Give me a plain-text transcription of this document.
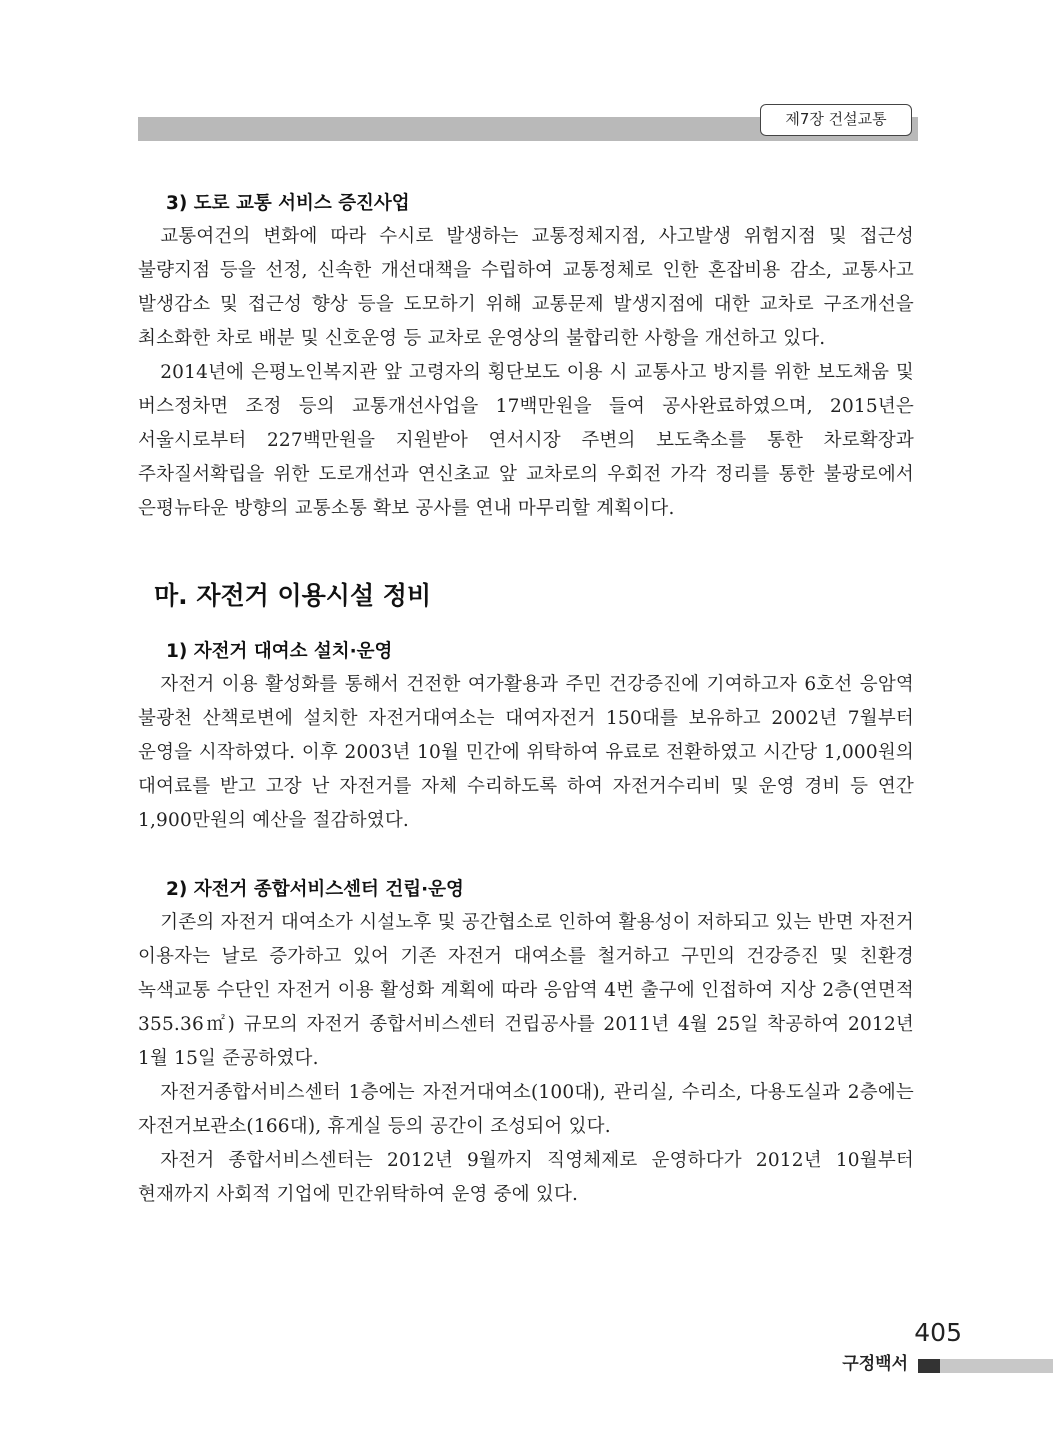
제7장 건설교통
3) 도로 교통 서비스 증진사업

교통여건의 변화에 따라 수시로 발생하는 교통정체지점, 사고발생 위험지점 및 접근성 불량지점 등을 선정, 신속한 개선대책을 수립하여 교통정체로 인한 혼잡비용 감소, 교통사고 발생감소 및 접근성 향상 등을 도모하기 위해 교통문제 발생지점에 대한 교차로 구조개선을 최소화한 차로 배분 및 신호운영 등 교차로 운영상의 불합리한 사항을 개선하고 있다.

2014년에 은평노인복지관 앞 고령자의 횡단보도 이용 시 교통사고 방지를 위한 보도채움 및 버스정차면 조정 등의 교통개선사업을 17백만원을 들여 공사완료하였으며, 2015년은 서울시로부터 227백만원을 지원받아 연서시장 주변의 보도축소를 통한 차로확장과 주차질서확립을 위한 도로개선과 연신초교 앞 교차로의 우회전 가각 정리를 통한 불광로에서 은평뉴타운 방향의 교통소통 확보 공사를 연내 마무리할 계획이다.

마. 자전거 이용시설 정비
1) 자전거 대여소 설치·운영

자전거 이용 활성화를 통해서 건전한 여가활용과 주민 건강증진에 기여하고자 6호선 응암역 불광천 산책로변에 설치한 자전거대여소는 대여자전거 150대를 보유하고 2002년 7월부터 운영을 시작하였다. 이후 2003년 10월 민간에 위탁하여 유료로 전환하였고 시간당 1,000원의 대여료를 받고 고장 난 자전거를 자체 수리하도록 하여 자전거수리비 및 운영 경비 등 연간 1,900만원의 예산을 절감하였다.

2) 자전거 종합서비스센터 건립·운영

기존의 자전거 대여소가 시설노후 및 공간협소로 인하여 활용성이 저하되고 있는 반면 자전거 이용자는 날로 증가하고 있어 기존 자전거 대여소를 철거하고 구민의 건강증진 및 친환경 녹색교통 수단인 자전거 이용 활성화 계획에 따라 응암역 4번 출구에 인접하여 지상 2층(연면적 355.36㎡) 규모의 자전거 종합서비스센터 건립공사를 2011년 4월 25일 착공하여 2012년 1월 15일 준공하였다.

자전거종합서비스센터 1층에는 자전거대여소(100대), 관리실, 수리소, 다용도실과 2층에는 자전거보관소(166대), 휴게실 등의 공간이 조성되어 있다.

자전거 종합서비스센터는 2012년 9월까지 직영체제로 운영하다가 2012년 10월부터 현재까지 사회적 기업에 민간위탁하여 운영 중에 있다.

405
구정백서
